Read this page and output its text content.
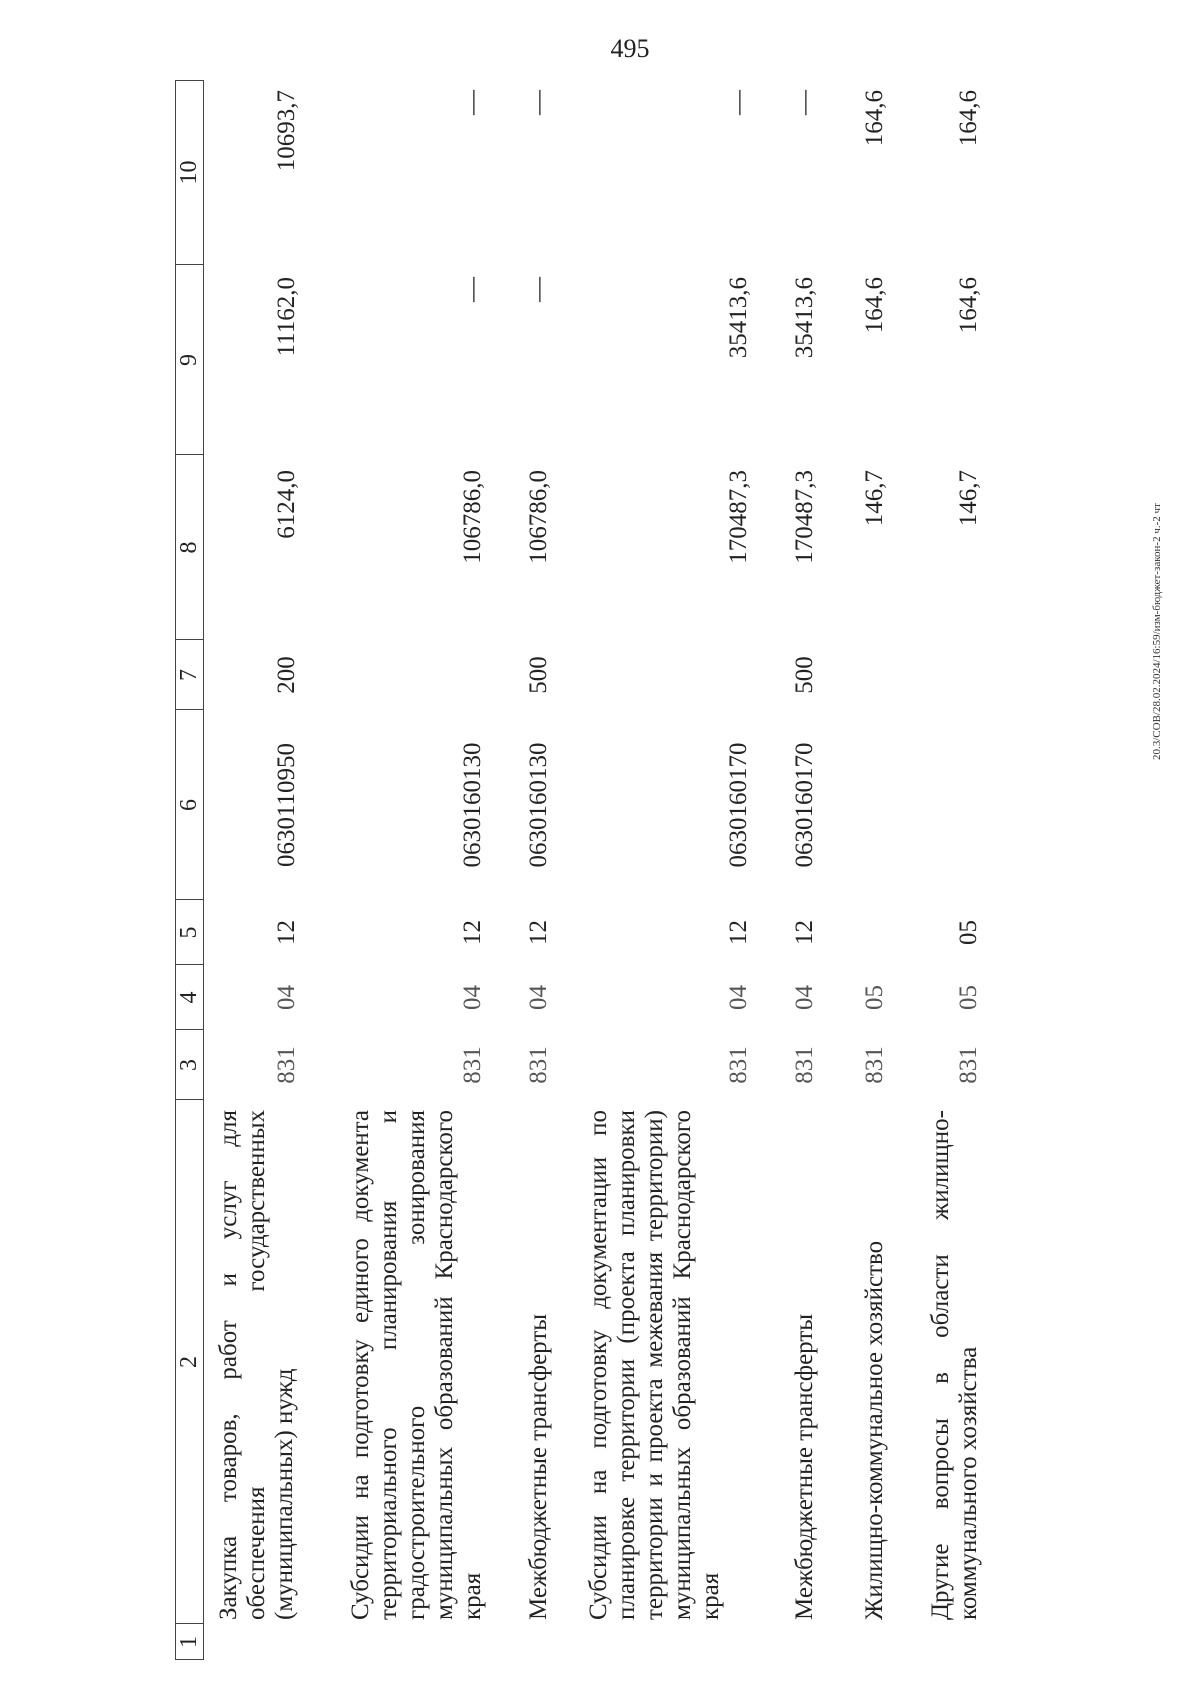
495
20.3/СОВ/28.02.2024/16:59/изм-бюджет-закон-2 ч.-2 чт
1
2
3
4
5
6
7
8
9
10
Закупка товаров, работ и услуг для обеспечения государственных (муниципальных) нужд
831
04
12
0630110950
200
6124,0
11162,0
10693,7
Субсидии на подготовку единого документа территориального планирования и градостроительного зонирования муниципальных образований Краснодарского края
831
04
12
0630160130
106786,0
—
—
Межбюджетные трансферты
831
04
12
0630160130
500
106786,0
—
—
Субсидии на подготовку документации по планировке территории (проекта планировки территории и проекта межевания территории) муниципальных образований Краснодарского края
831
04
12
0630160170
170487,3
35413,6
—
Межбюджетные трансферты
831
04
12
0630160170
500
170487,3
35413,6
—
Жилищно-коммунальное хозяйство
831
05
146,7
164,6
164,6
Другие вопросы в области жилищно-коммунального хозяйства
831
05
05
146,7
164,6
164,6
